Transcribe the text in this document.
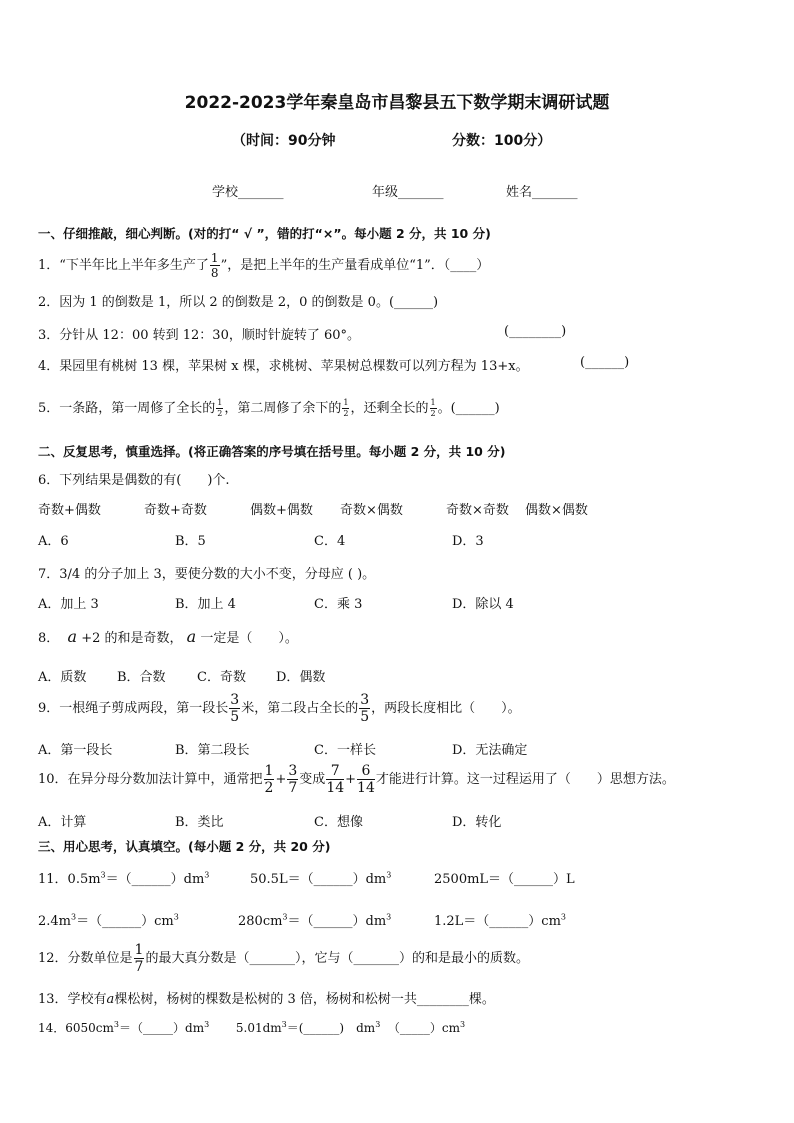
2022-2023学年秦皇岛市昌黎县五下数学期末调研试题
（时间：90分钟	分数：100分）
学校_______	年级_______	姓名_______
一、仔细推敲，细心判断。(对的打“ √ ”，错的打“×”。每小题 2 分，共 10 分)
1．“下半年比上半年多生产了 $\frac{1}{8}$ ”，是把上半年的生产量看成单位“1”．（____）
2．因为 1 的倒数是 1，所以 2 的倒数是 2，0 的倒数是 0。(______)
3．分针从 12：00 转到 12：30，顺时针旋转了 60°。	(________)
4．果园里有桃树 13 棵，苹果树 x 棵，求桃树、苹果树总棵数可以列方程为 13+x。	(______)
5．一条路，第一周修了全长的 $\frac{1}{2}$ ，第二周修了余下的 $\frac{1}{2}$ ，还剩全长的 $\frac{1}{2}$ 。(______)
二、反复思考，慎重选择。(将正确答案的序号填在括号里。每小题 2 分，共 10 分)
6．下列结果是偶数的有(　　)个.
奇数+偶数	奇数+奇数	偶数+偶数 奇数×偶数	奇数×奇数 偶数×偶数
A．6	B．5	C．4	D．3
7．3/4 的分子加上 3，要使分数的大小不变，分母应 ( )。
A．加上 3	B．加上 4	C．乘 3	D．除以 4
8． a +2 的和是奇数， a 一定是（　　）。
A．质数 B．合数 C．奇数 D．偶数
9．一根绳子剪成两段，第一段长 $\frac{3}{5}$ 米，第二段占全长的 $\frac{3}{5}$ ，两段长度相比（　　）。
A．第一段长	B．第二段长	C．一样长	D．无法确定
10．在异分母分数加法计算中，通常把 $\frac{1}{2} + \frac{3}{7}$ 变成 $\frac{7}{14} + \frac{6}{14}$ 才能进行计算。这一过程运用了（　　）思想方法。
A．计算	B．类比	C．想像	D．转化
三、用心思考，认真填空。(每小题 2 分，共 20 分)
11．$0.5m^3=(\_\_\_\_\_\_)dm^3$	$50.5L=(\_\_\_\_\_\_)dm^3$	2500mL＝（______）L
$2.4m^3=(\_\_\_\_\_\_)cm^3$	$280cm^3=(\_\_\_\_\_\_)dm^3$	$1.2L=(\_\_\_\_\_\_)cm^3$
12．分数单位是 $\frac{1}{7}$ 的最大真分数是（_______），它与（_______）的和是最小的质数。
13．学校有a棵松树，杨树的棵数是松树的 3 倍，杨树和松树一共________棵。
14．$6050cm^3=(\_\_\_\_\_)dm^3$ $5.01dm^3=(\_\_\_\_\_\_)$　$dm^3$ $(\_\_\_\_\_)cm^3$
